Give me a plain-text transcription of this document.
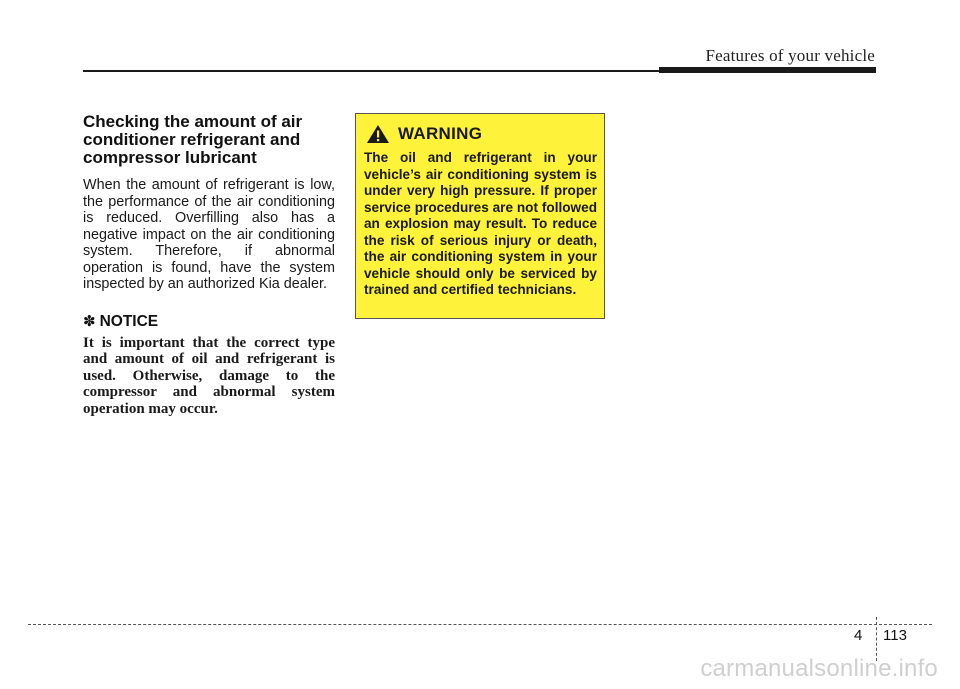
Features of your vehicle
Checking the amount of air
conditioner refrigerant and
compressor lubricant

When the amount of refrigerant is low, the performance of the air conditioning is reduced. Overfilling also has a negative impact on the air conditioning system. Therefore, if abnormal operation is found, have the system inspected by an authorized Kia dealer.

✽ NOTICE

It is important that the correct type and amount of oil and refrigerant is used. Otherwise, damage to the compressor and abnormal system operation may occur.

WARNING

The oil and refrigerant in your vehicle’s air conditioning system is under very high pressure. If proper service procedures are not followed an explosion may result. To reduce the risk of serious injury or death, the air conditioning system in your vehicle should only be serviced by trained and certified technicians.

4 113
carmanualsonline.info
